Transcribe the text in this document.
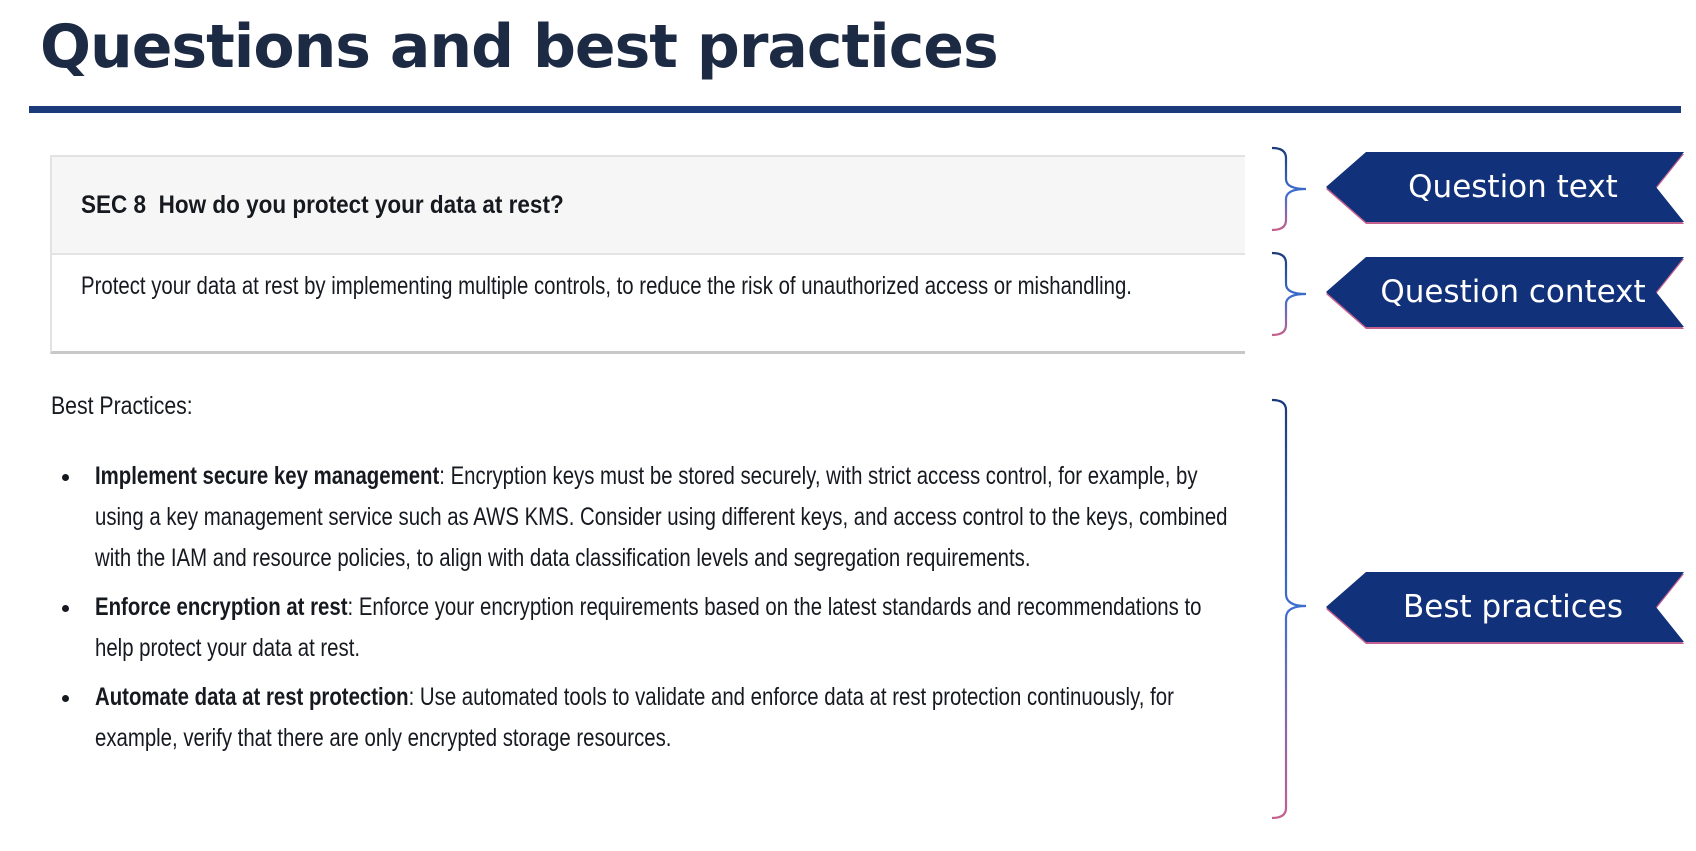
Questions and best practices
SEC 8 How do you protect your data at rest?
Protect your data at rest by implementing multiple controls, to reduce the risk of unauthorized access or mishandling.
Best Practices:
Implement secure key management: Encryption keys must be stored securely, with strict access control, for example, by using a key management service such as AWS KMS. Consider using different keys, and access control to the keys, combined with the IAM and resource policies, to align with data classification levels and segregation requirements.
Enforce encryption at rest: Enforce your encryption requirements based on the latest standards and recommendations to help protect your data at rest.
Automate data at rest protection: Use automated tools to validate and enforce data at rest protection continuously, for example, verify that there are only encrypted storage resources.
Question text
Question context
Best practices
